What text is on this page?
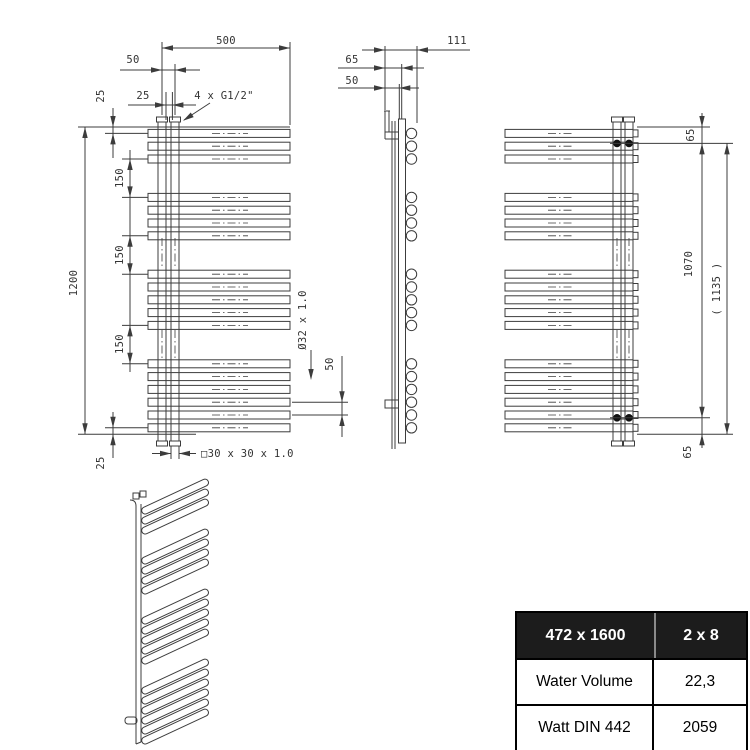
500
50
25	4 x G1/2"
25
150
150
150
1200
Ø32 x 1.0
50
□30 x 30 x 1.0
25
111
65
50
65
1070 ( 1135 )
65
472 x 1600	2 x 8
Water Volume	22,3
Watt DIN 442	2059
